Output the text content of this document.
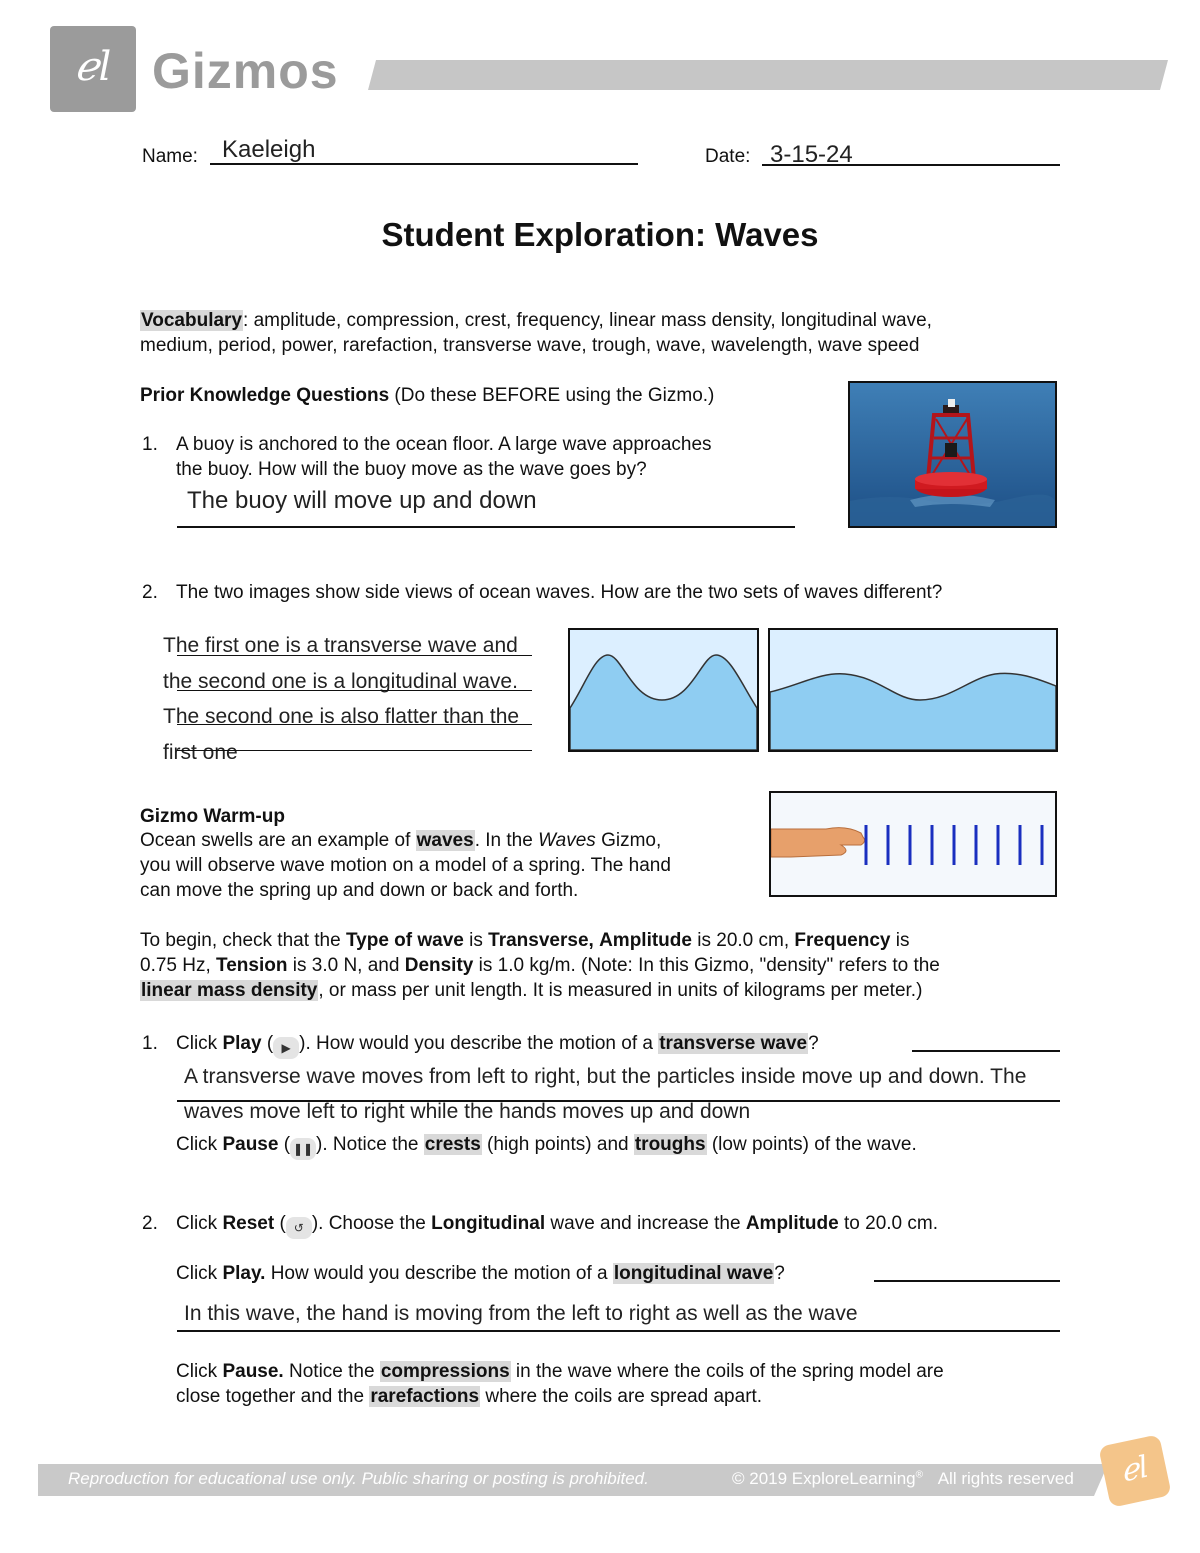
ℯl Gizmos
Name: Kaeleigh	Date: 3-15-24
Student Exploration: Waves
Vocabulary: amplitude, compression, crest, frequency, linear mass density, longitudinal wave,
medium, period, power, rarefaction, transverse wave, trough, wave, wavelength, wave speed
Prior Knowledge Questions (Do these BEFORE using the Gizmo.)
1. A buoy is anchored to the ocean floor. A large wave approaches
the buoy. How will the buoy move as the wave goes by?
The buoy will move up and down
2. The two images show side views of ocean waves. How are the two sets of waves different?
The first one is a transverse wave and
the second one is a longitudinal wave.
The second one is also flatter than the
first one
Gizmo Warm-up
Ocean swells are an example of waves. In the Waves Gizmo,
you will observe wave motion on a model of a spring. The hand
can move the spring up and down or back and forth.
To begin, check that the Type of wave is Transverse, Amplitude is 20.0 cm, Frequency is
0.75 Hz, Tension is 3.0 N, and Density is 1.0 kg/m. (Note: In this Gizmo, "density" refers to the
linear mass density, or mass per unit length. It is measured in units of kilograms per meter.)
1. Click Play ( ▶ ). How would you describe the motion of a transverse wave?
A transverse wave moves from left to right, but the particles inside move up and down. The
waves move left to right while the hands moves up and down
Click Pause ( ❚❚ ). Notice the crests (high points) and troughs (low points) of the wave.
2. Click Reset ( ↺ ). Choose the Longitudinal wave and increase the Amplitude to 20.0 cm.
Click Play. How would you describe the motion of a longitudinal wave?
In this wave, the hand is moving from the left to right as well as the wave
Click Pause. Notice the compressions in the wave where the coils of the spring model are
close together and the rarefactions where the coils are spread apart.
Reproduction for educational use only. Public sharing or posting is prohibited.	© 2019 ExploreLearning® All rights reserved	ℯl
